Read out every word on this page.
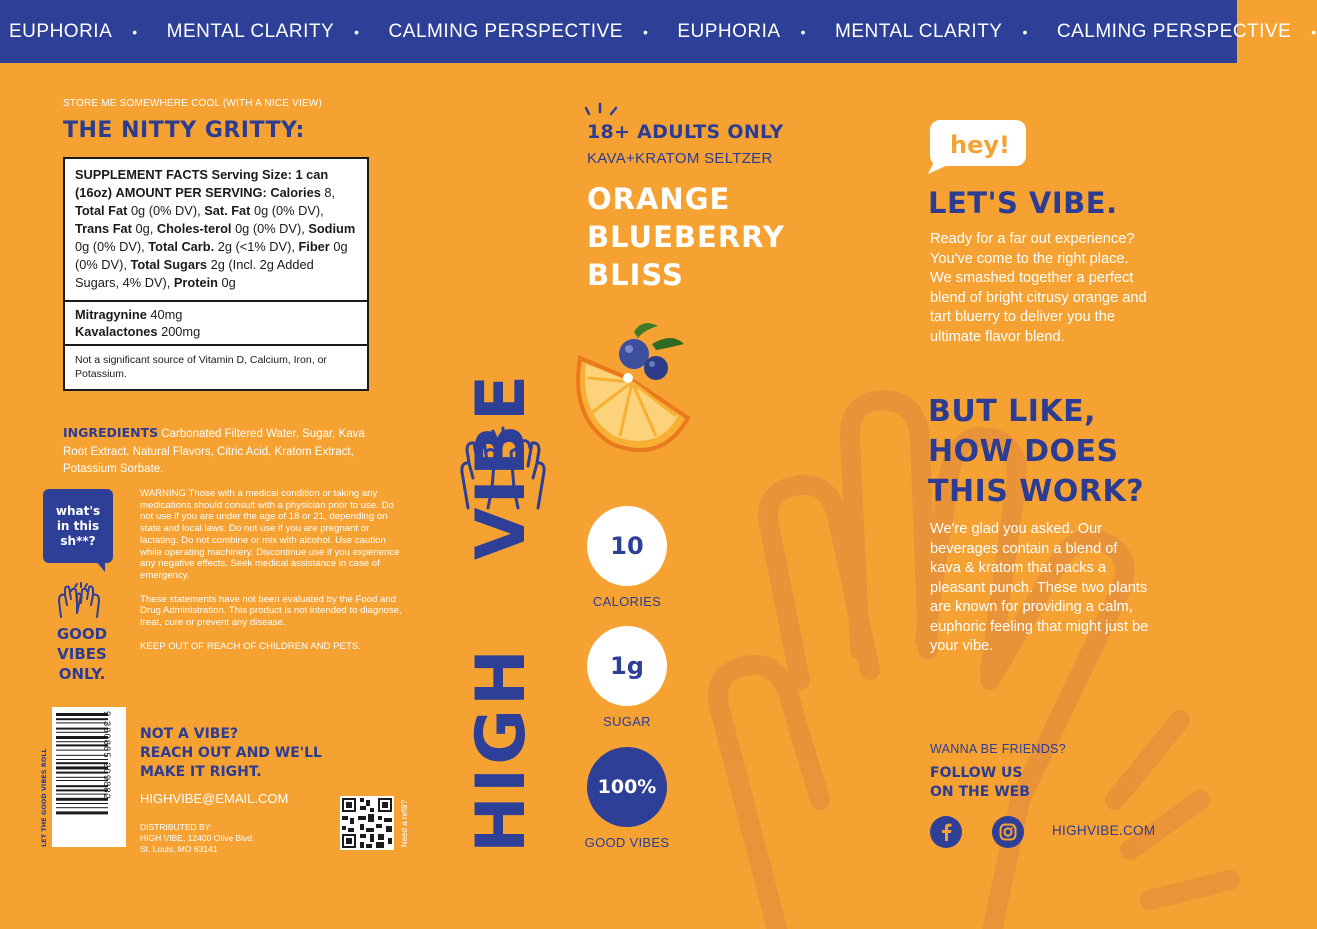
EUPHORIA • MENTAL CLARITY • CALMING PERSPECTIVE • EUPHORIA • MENTAL CLARITY • CALMING PERSPECTIVE •
STORE ME SOMEWHERE COOL (WITH A NICE VIEW)
THE NITTY GRITTY:
SUPPLEMENT FACTS Serving Size: 1 can (16oz) AMOUNT PER SERVING: Calories 8, Total Fat 0g (0% DV), Sat. Fat 0g (0% DV), Trans Fat 0g, Choles-terol 0g (0% DV), Sodium 0g (0% DV), Total Carb. 2g (<1% DV), Fiber 0g (0% DV), Total Sugars 2g (Incl. 2g Added Sugars, 4% DV), Protein 0g
Mitragynine 40mg
Kavalactones 200mg
Not a significant source of Vitamin D, Calcium, Iron, or Potassium.
INGREDIENTS Carbonated Filtered Water, Sugar, Kava Root Extract, Natural Flavors, Citric Acid, Kratom Extract, Potassium Sorbate.
what's
in this
sh**?
GOOD
VIBES
ONLY.

WARNING Those with a medical condition or taking any medications should consult with a physician prior to use. Do not use if you are under the age of 18 or 21, depending on state and local laws. Do not use if you are pregnant or lactating. Do not combine or mix with alcohol. Use caution while operating machinery. Discontinue use if you experience any negative effects. Seek medical assistance in case of emergency.

These statements have not been evaluated by the Food and Drug Administration. This product is not intended to diagnose, treat, cure or prevent any disease.

KEEP OUT OF REACH OF CHILDREN AND PETS.

9 380885 209882
LET THE GOOD VIBES ROLL
NOT A VIBE?
REACH OUT AND WE'LL
MAKE IT RIGHT.
HIGHVIBE@EMAIL.COM
DISTRIBUTED BY:
HIGH VIBE, 12400 Olive Blvd.
St. Louis, MO 63141
Need a refill? HIGH
VIBE
18+ ADULTS ONLY
KAVA+KRATOM SELTZER
ORANGE
BLUEBERRY
BLISS
10
CALORIES
1g
SUGAR
100%
GOOD VIBES
hey!
LET'S VIBE.
Ready for a far out experience? You've come to the right place. We smashed together a perfect blend of bright citrusy orange and tart bluerry to deliver you the ultimate flavor blend.
BUT LIKE,
HOW DOES
THIS WORK?
We're glad you asked. Our beverages contain a blend of kava & kratom that packs a pleasant punch. These two plants are known for providing a calm, euphoric feeling that might just be your vibe.
WANNA BE FRIENDS?
FOLLOW US
ON THE WEB
HIGHVIBE.COM
